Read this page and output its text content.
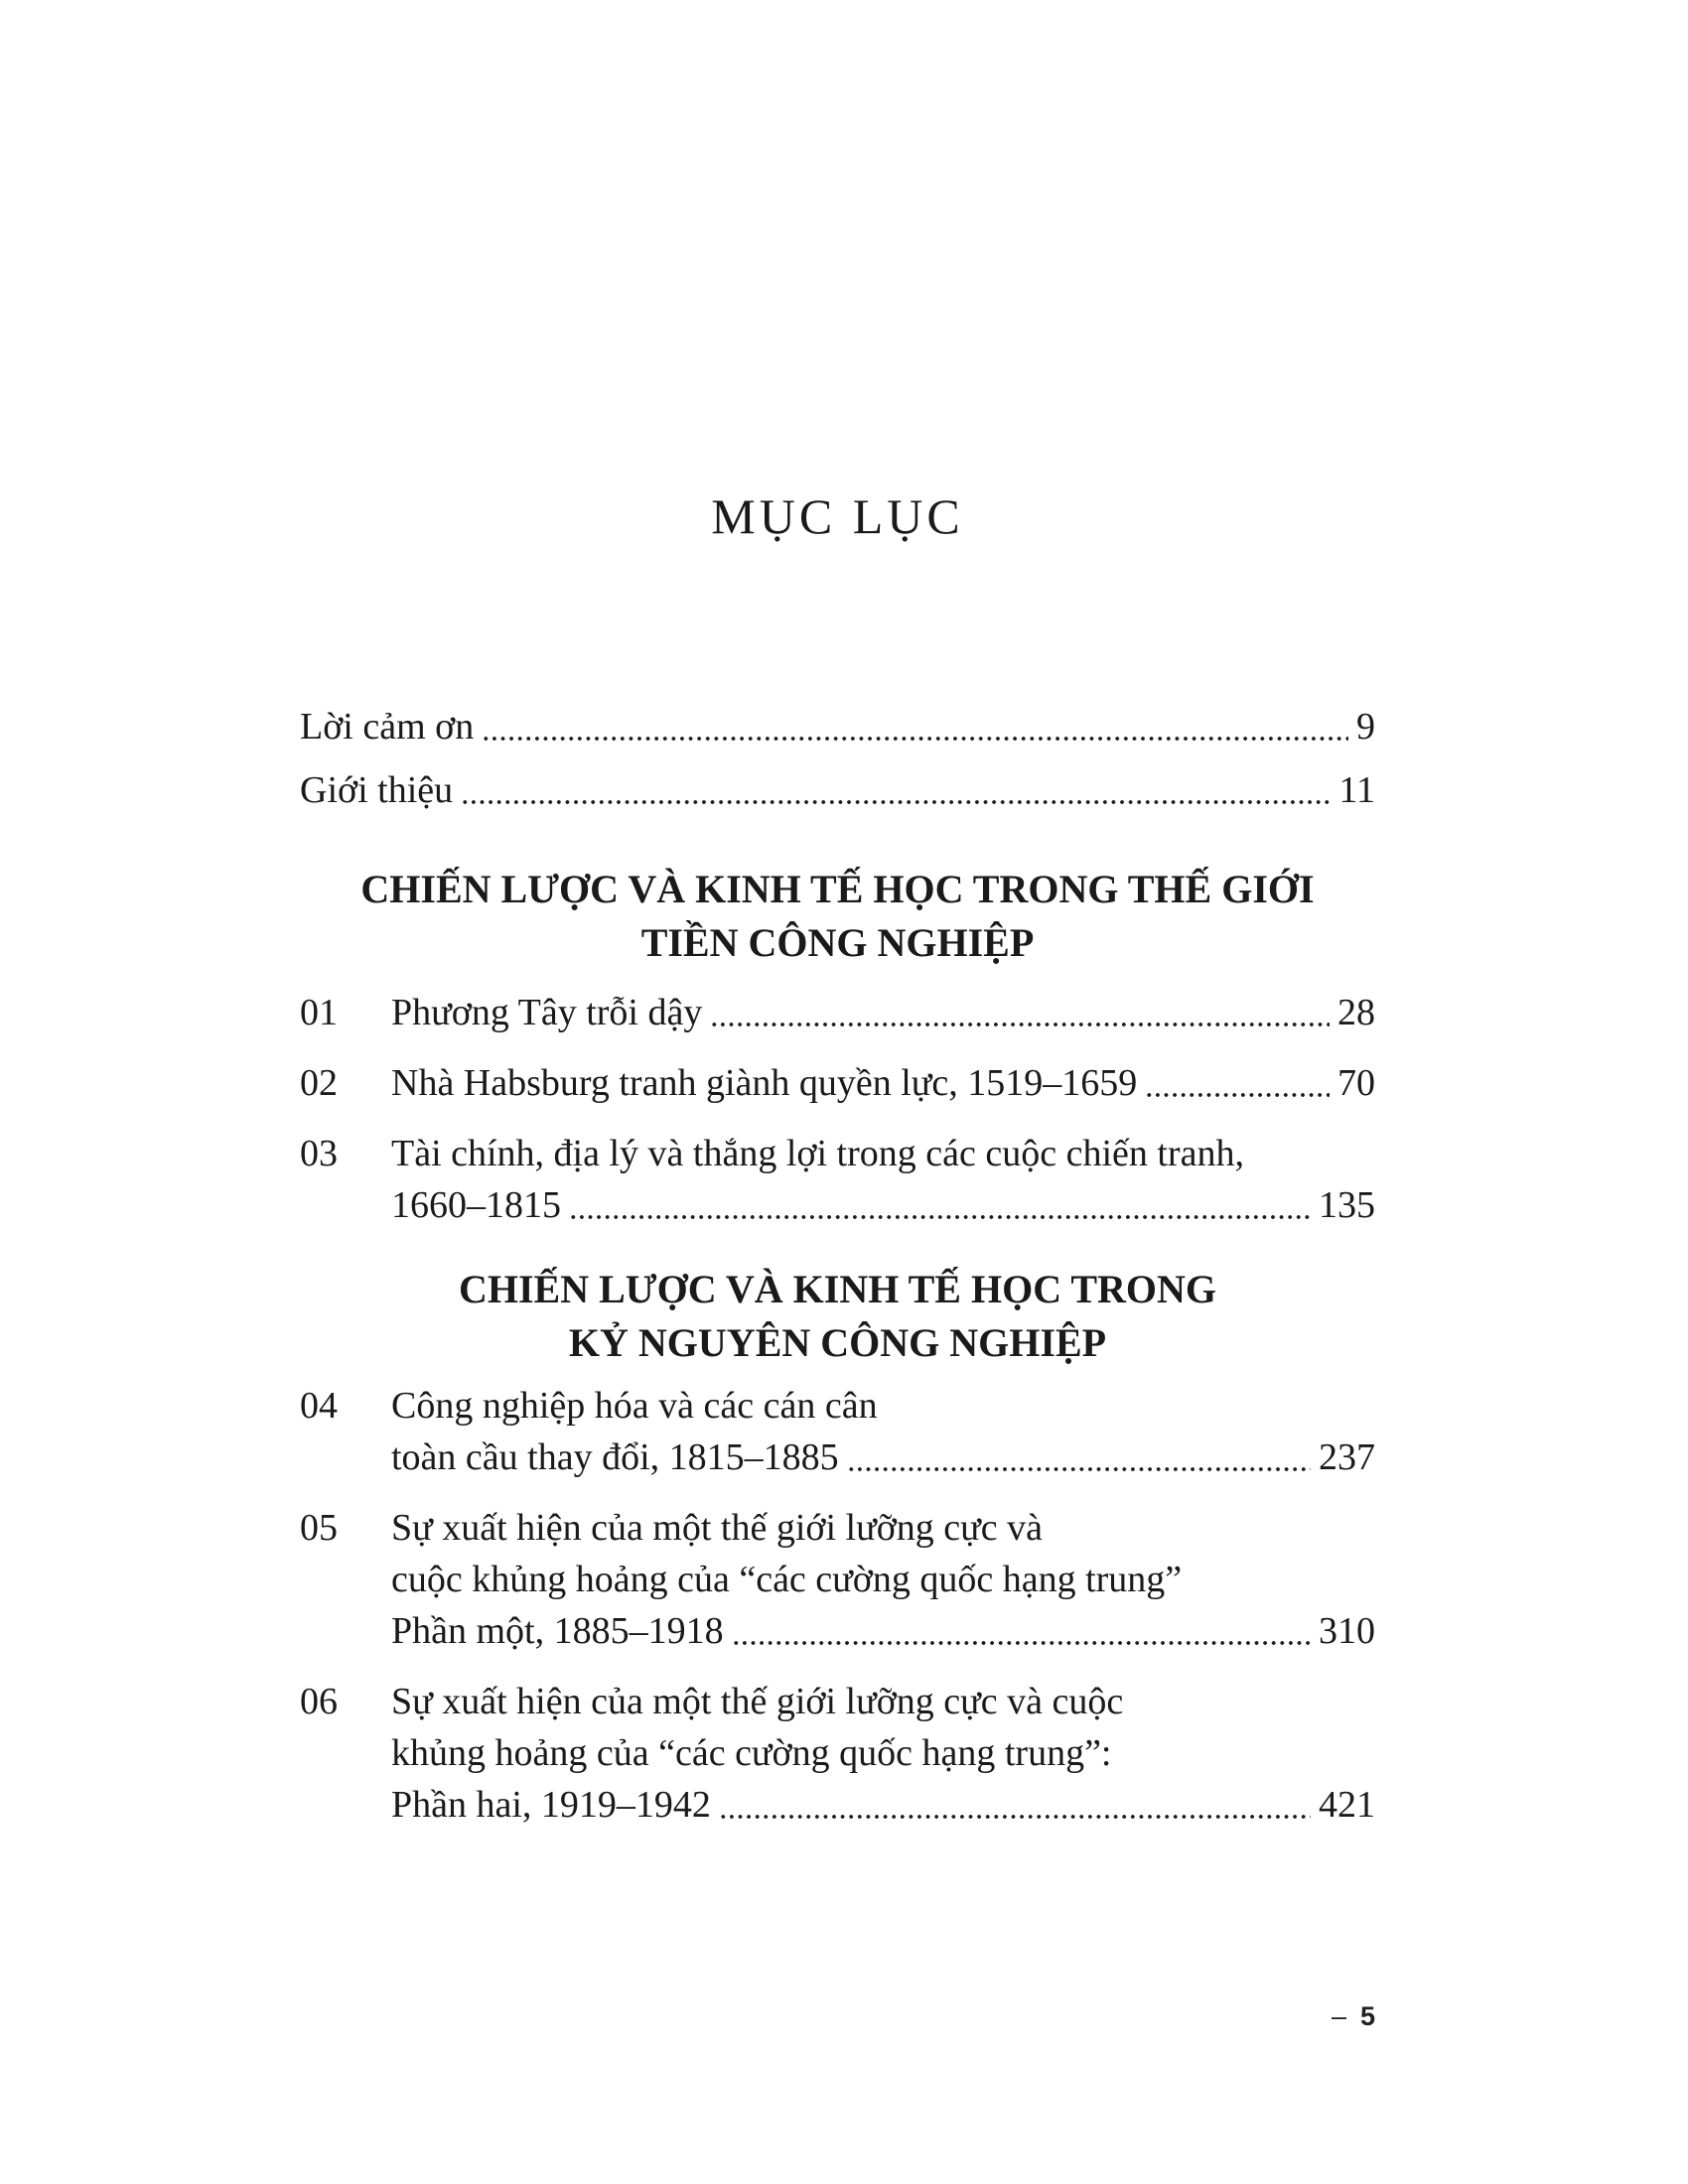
MỤC LỤC
Lời cảm ơn	9
Giới thiệu	11
CHIẾN LƯỢC VÀ KINH TẾ HỌC TRONG THẾ GIỚI
TIỀN CÔNG NGHIỆP
01	Phương Tây trỗi dậy	28
02	Nhà Habsburg tranh giành quyền lực, 1519–1659	70
03	Tài chính, địa lý và thắng lợi trong các cuộc chiến tranh,
1660–1815	135
CHIẾN LƯỢC VÀ KINH TẾ HỌC TRONG
KỶ NGUYÊN CÔNG NGHIỆP
04	Công nghiệp hóa và các cán cân
toàn cầu thay đổi, 1815–1885	237
05	Sự xuất hiện của một thế giới lưỡng cực và
cuộc khủng hoảng của “các cường quốc hạng trung”
Phần một, 1885–1918	310
06	Sự xuất hiện của một thế giới lưỡng cực và cuộc
khủng hoảng của “các cường quốc hạng trung”:
Phần hai, 1919–1942	421
– 5
